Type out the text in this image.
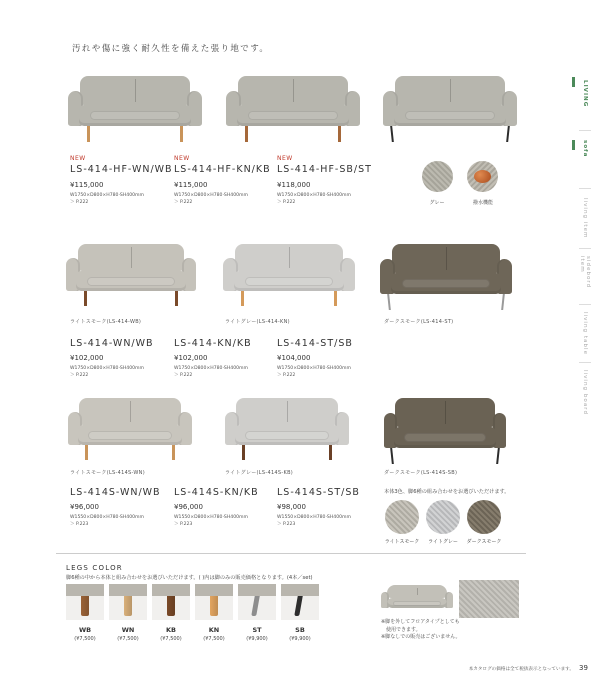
汚れや傷に強く耐久性を備えた張り地です。
NEW
LS-414-HF-WN/WB
¥115,000
W1750×D800×H780·SH400mm
＞ P.222
NEW
LS-414-HF-KN/KB
¥115,000
W1750×D800×H780·SH400mm
＞ P.222
NEW
LS-414-HF-SB/ST
¥118,000
W1750×D800×H780·SH400mm
＞ P.222	グレー	撥水機能
ライトスモーク(LS-414-WB)	ライトグレー(LS-414-KN)	ダークスモーク(LS-414-ST)
LS-414-WN/WB
¥102,000
W1750×D800×H780·SH400mm
＞ P.222
LS-414-KN/KB
¥102,000
W1750×D800×H780·SH400mm
＞ P.222
LS-414-ST/SB
¥104,000
W1750×D800×H780·SH400mm
＞ P.222
ライトスモーク(LS-414S-WN)	ライトグレー(LS-414S-KB)	ダークスモーク(LS-414S-SB)
LS-414S-WN/WB
¥96,000
W1550×D800×H780·SH400mm
＞ P.223
LS-414S-KN/KB
¥96,000
W1550×D800×H780·SH400mm
＞ P.223
LS-414S-ST/SB
¥98,000
W1550×D800×H780·SH400mm
＞ P.223
本体3色、脚6種の組み合わせをお選びいただけます。
ライトスモーク	ライトグレー	ダークスモーク
LEGS COLOR
脚6種の中から本体と組み合わせをお選びいただけます。( )内は脚のみの販売価格となります。(4本／set)
WB
(¥7,500)
WN
(¥7,500)
KB
(¥7,500)
KN
(¥7,500)
ST
(¥9,900)
SB
(¥9,900)
※脚を外してフロアタイプとしても
使用できます。
※脚なしでの販売はございません。
LIVING
sofa
living item
sidebord item
living table
living board
本カタログの価格は全て税抜表示となっています。 39
